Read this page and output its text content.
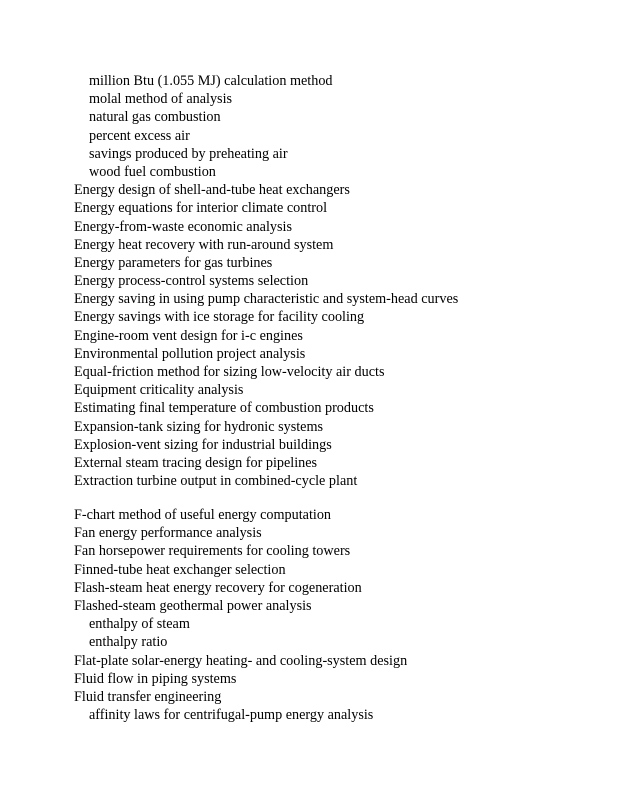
million Btu (1.055 MJ) calculation method
molal method of analysis
natural gas combustion
percent excess air
savings produced by preheating air
wood fuel combustion
Energy design of shell-and-tube heat exchangers
Energy equations for interior climate control
Energy-from-waste economic analysis
Energy heat recovery with run-around system
Energy parameters for gas turbines
Energy process-control systems selection
Energy saving in using pump characteristic and system-head curves
Energy savings with ice storage for facility cooling
Engine-room vent design for i-c engines
Environmental pollution project analysis
Equal-friction method for sizing low-velocity air ducts
Equipment criticality analysis
Estimating final temperature of combustion products
Expansion-tank sizing for hydronic systems
Explosion-vent sizing for industrial buildings
External steam tracing design for pipelines
Extraction turbine output in combined-cycle plant
F-chart method of useful energy computation
Fan energy performance analysis
Fan horsepower requirements for cooling towers
Finned-tube heat exchanger selection
Flash-steam heat energy recovery for cogeneration
Flashed-steam geothermal power analysis
enthalpy of steam
enthalpy ratio
Flat-plate solar-energy heating- and cooling-system design
Fluid flow in piping systems
Fluid transfer engineering
affinity laws for centrifugal-pump energy analysis
